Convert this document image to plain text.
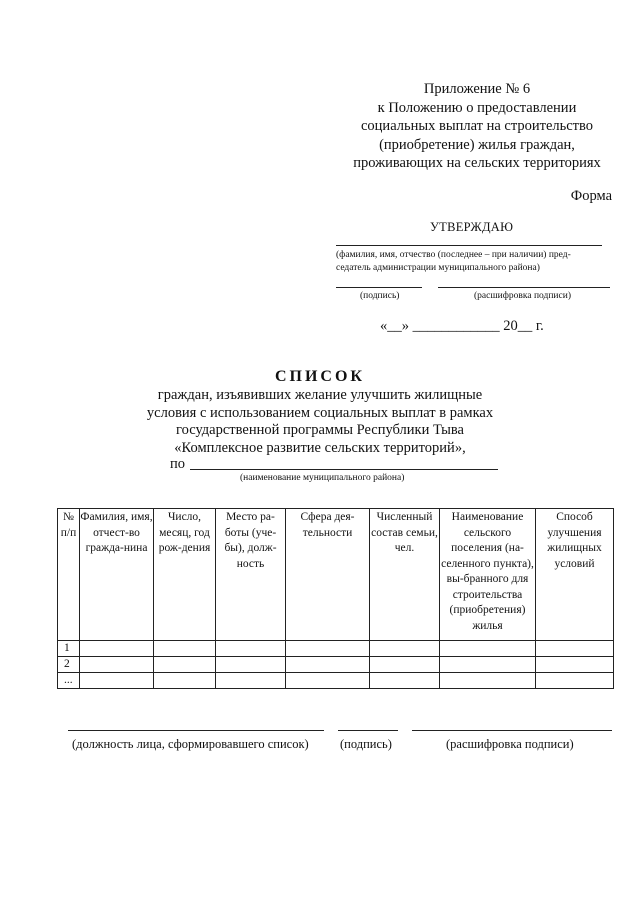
Приложение № 6
к Положению о предоставлении
социальных выплат на строительство
(приобретение) жилья граждан,
проживающих на сельских территориях
Форма
УТВЕРЖДАЮ
(фамилия, имя, отчество (последнее – при наличии) пред-
седатель администрации муниципального района)
(подпись)	(расшифровка подписи)
«__» ____________ 20__ г.
СПИСОК
граждан, изъявивших желание улучшить жилищные
условия с использованием социальных выплат в рамках
государственной программы Республики Тыва
«Комплексное развитие сельских территорий»,
по
(наименование муниципального района)
№ п/п	Фамилия, имя, отчест-во гражда-нина	Число, месяц, год рож-дения	Место ра-боты (уче-бы), долж-ность	Сфера дея-тельности	Численный состав семьи, чел.	Наименование сельского поселения (на-селенного пункта), вы-бранного для строительства (приобретения) жилья	Способ улучшения жилищных условий
1							
2							
...							
(должность лица, сформировавшего список)	(подпись)	(расшифровка подписи)
